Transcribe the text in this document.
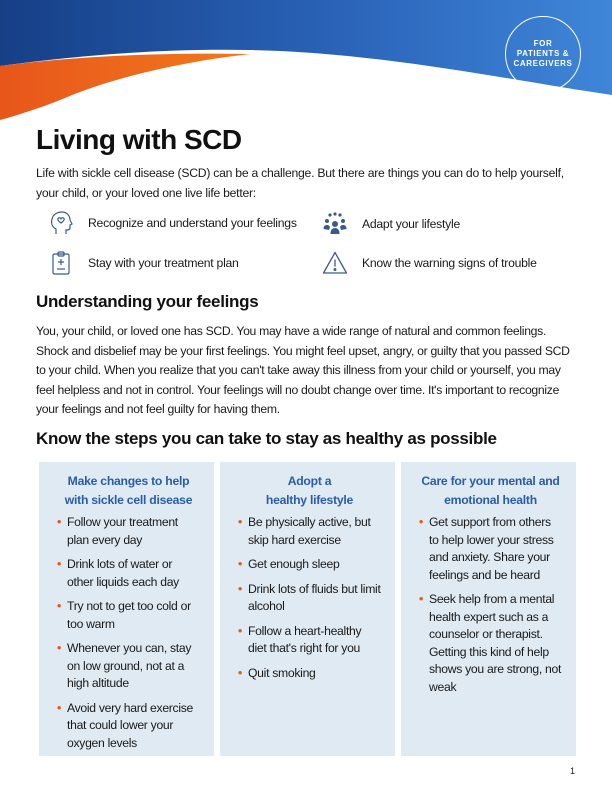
FOR
PATIENTS &
CAREGIVERS
Living with SCD

Life with sickle cell disease (SCD) can be a challenge. But there are things you can do to help yourself, your child, or your loved one live life better:

Recognize and understand your feelings	Adapt your lifestyle
Stay with your treatment plan	Know the warning signs of trouble
Understanding your feelings

You, your child, or loved one has SCD. You may have a wide range of natural and common feelings. Shock and disbelief may be your first feelings. You might feel upset, angry, or guilty that you passed SCD to your child. When you realize that you can't take away this illness from your child or yourself, you may feel helpless and not in control. Your feelings will no doubt change over time. It's important to recognize your feelings and not feel guilty for having them.

Know the steps you can take to stay as healthy as possible
Make changes to help
with sickle cell disease
• Follow your treatment plan every day
• Drink lots of water or other liquids each day
• Try not to get too cold or too warm
• Whenever you can, stay on low ground, not at a high altitude
• Avoid very hard exercise that could lower your oxygen levels
Adopt a
healthy lifestyle
• Be physically active, but skip hard exercise
• Get enough sleep
• Drink lots of fluids but limit alcohol
• Follow a heart-healthy diet that's right for you
• Quit smoking
Care for your mental and
emotional health
• Get support from others to help lower your stress and anxiety. Share your feelings and be heard
• Seek help from a mental health expert such as a counselor or therapist. Getting this kind of help shows you are strong, not weak
1
